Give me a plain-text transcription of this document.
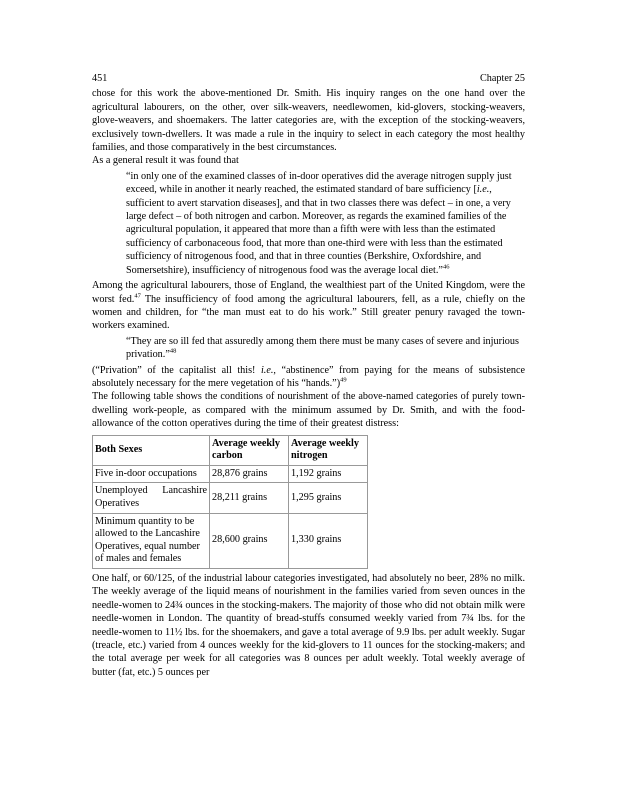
451	Chapter 25

chose for this work the above-mentioned Dr. Smith. His inquiry ranges on the one hand over the agricultural labourers, on the other, over silk-weavers, needlewomen, kid-glovers, stocking-weavers, glove-weavers, and shoemakers. The latter categories are, with the exception of the stocking-weavers, exclusively town-dwellers. It was made a rule in the inquiry to select in each category the most healthy families, and those comparatively in the best circumstances.

As a general result it was found that

“in only one of the examined classes of in-door operatives did the average nitrogen supply just exceed, while in another it nearly reached, the estimated standard of bare sufficiency [i.e., sufficient to avert starvation diseases], and that in two classes there was defect – in one, a very large defect – of both nitrogen and carbon. Moreover, as regards the examined families of the agricultural population, it appeared that more than a fifth were with less than the estimated sufficiency of carbonaceous food, that more than one-third were with less than the estimated sufficiency of nitrogenous food, and that in three counties (Berkshire, Oxfordshire, and Somersetshire), insufficiency of nitrogenous food was the average local diet.”$^{46}$

Among the agricultural labourers, those of England, the wealthiest part of the United Kingdom, were the worst fed.$^{47}$ The insufficiency of food among the agricultural labourers, fell, as a rule, chiefly on the women and children, for “the man must eat to do his work.” Still greater penury ravaged the town-workers examined.

“They are so ill fed that assuredly among them there must be many cases of severe and injurious privation.”$^{48}$

(“Privation” of the capitalist all this! i.e., “abstinence” from paying for the means of subsistence absolutely necessary for the mere vegetation of his “hands.”)$^{49}$

The following table shows the conditions of nourishment of the above-named categories of purely town-dwelling work-people, as compared with the minimum assumed by Dr. Smith, and with the food-allowance of the cotton operatives during the time of their greatest distress:

Both Sexes	Average weekly carbon	Average weekly nitrogen
Five in-door occupations	28,876 grains	1,192 grains
Unemployed Lancashire Operatives	28,211 grains	1,295 grains
Minimum quantity to be allowed to the Lancashire Operatives, equal number of males and females	28,600 grains	1,330 grains

One half, or 60/125, of the industrial labour categories investigated, had absolutely no beer, 28% no milk. The weekly average of the liquid means of nourishment in the families varied from seven ounces in the needle-women to 24¾ ounces in the stocking-makers. The majority of those who did not obtain milk were needle-women in London. The quantity of bread-stuffs consumed weekly varied from 7¾ lbs. for the needle-women to 11½ lbs. for the shoemakers, and gave a total average of 9.9 lbs. per adult weekly. Sugar (treacle, etc.) varied from 4 ounces weekly for the kid-glovers to 11 ounces for the stocking-makers; and the total average per week for all categories was 8 ounces per adult weekly. Total weekly average of butter (fat, etc.) 5 ounces per
